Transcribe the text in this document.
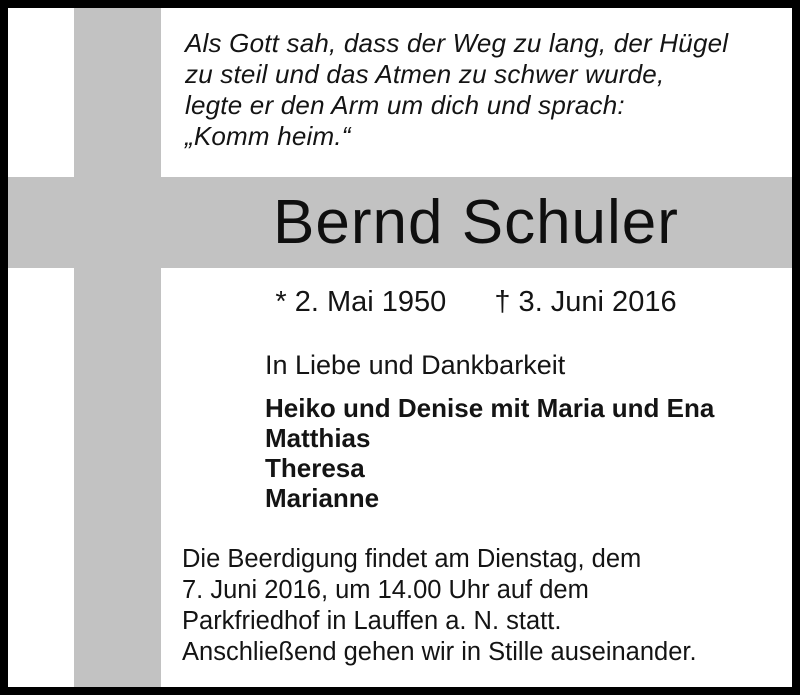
Als Gott sah, dass der Weg zu lang, der Hügel
zu steil und das Atmen zu schwer wurde,
legte er den Arm um dich und sprach:
„Komm heim.“
Bernd Schuler
* 2. Mai 1950 † 3. Juni 2016
In Liebe und Dankbarkeit
Heiko und Denise mit Maria und Ena
Matthias
Theresa
Marianne
Die Beerdigung findet am Dienstag, dem
7. Juni 2016, um 14.00 Uhr auf dem
Parkfriedhof in Lauffen a. N. statt.
Anschließend gehen wir in Stille auseinander.
